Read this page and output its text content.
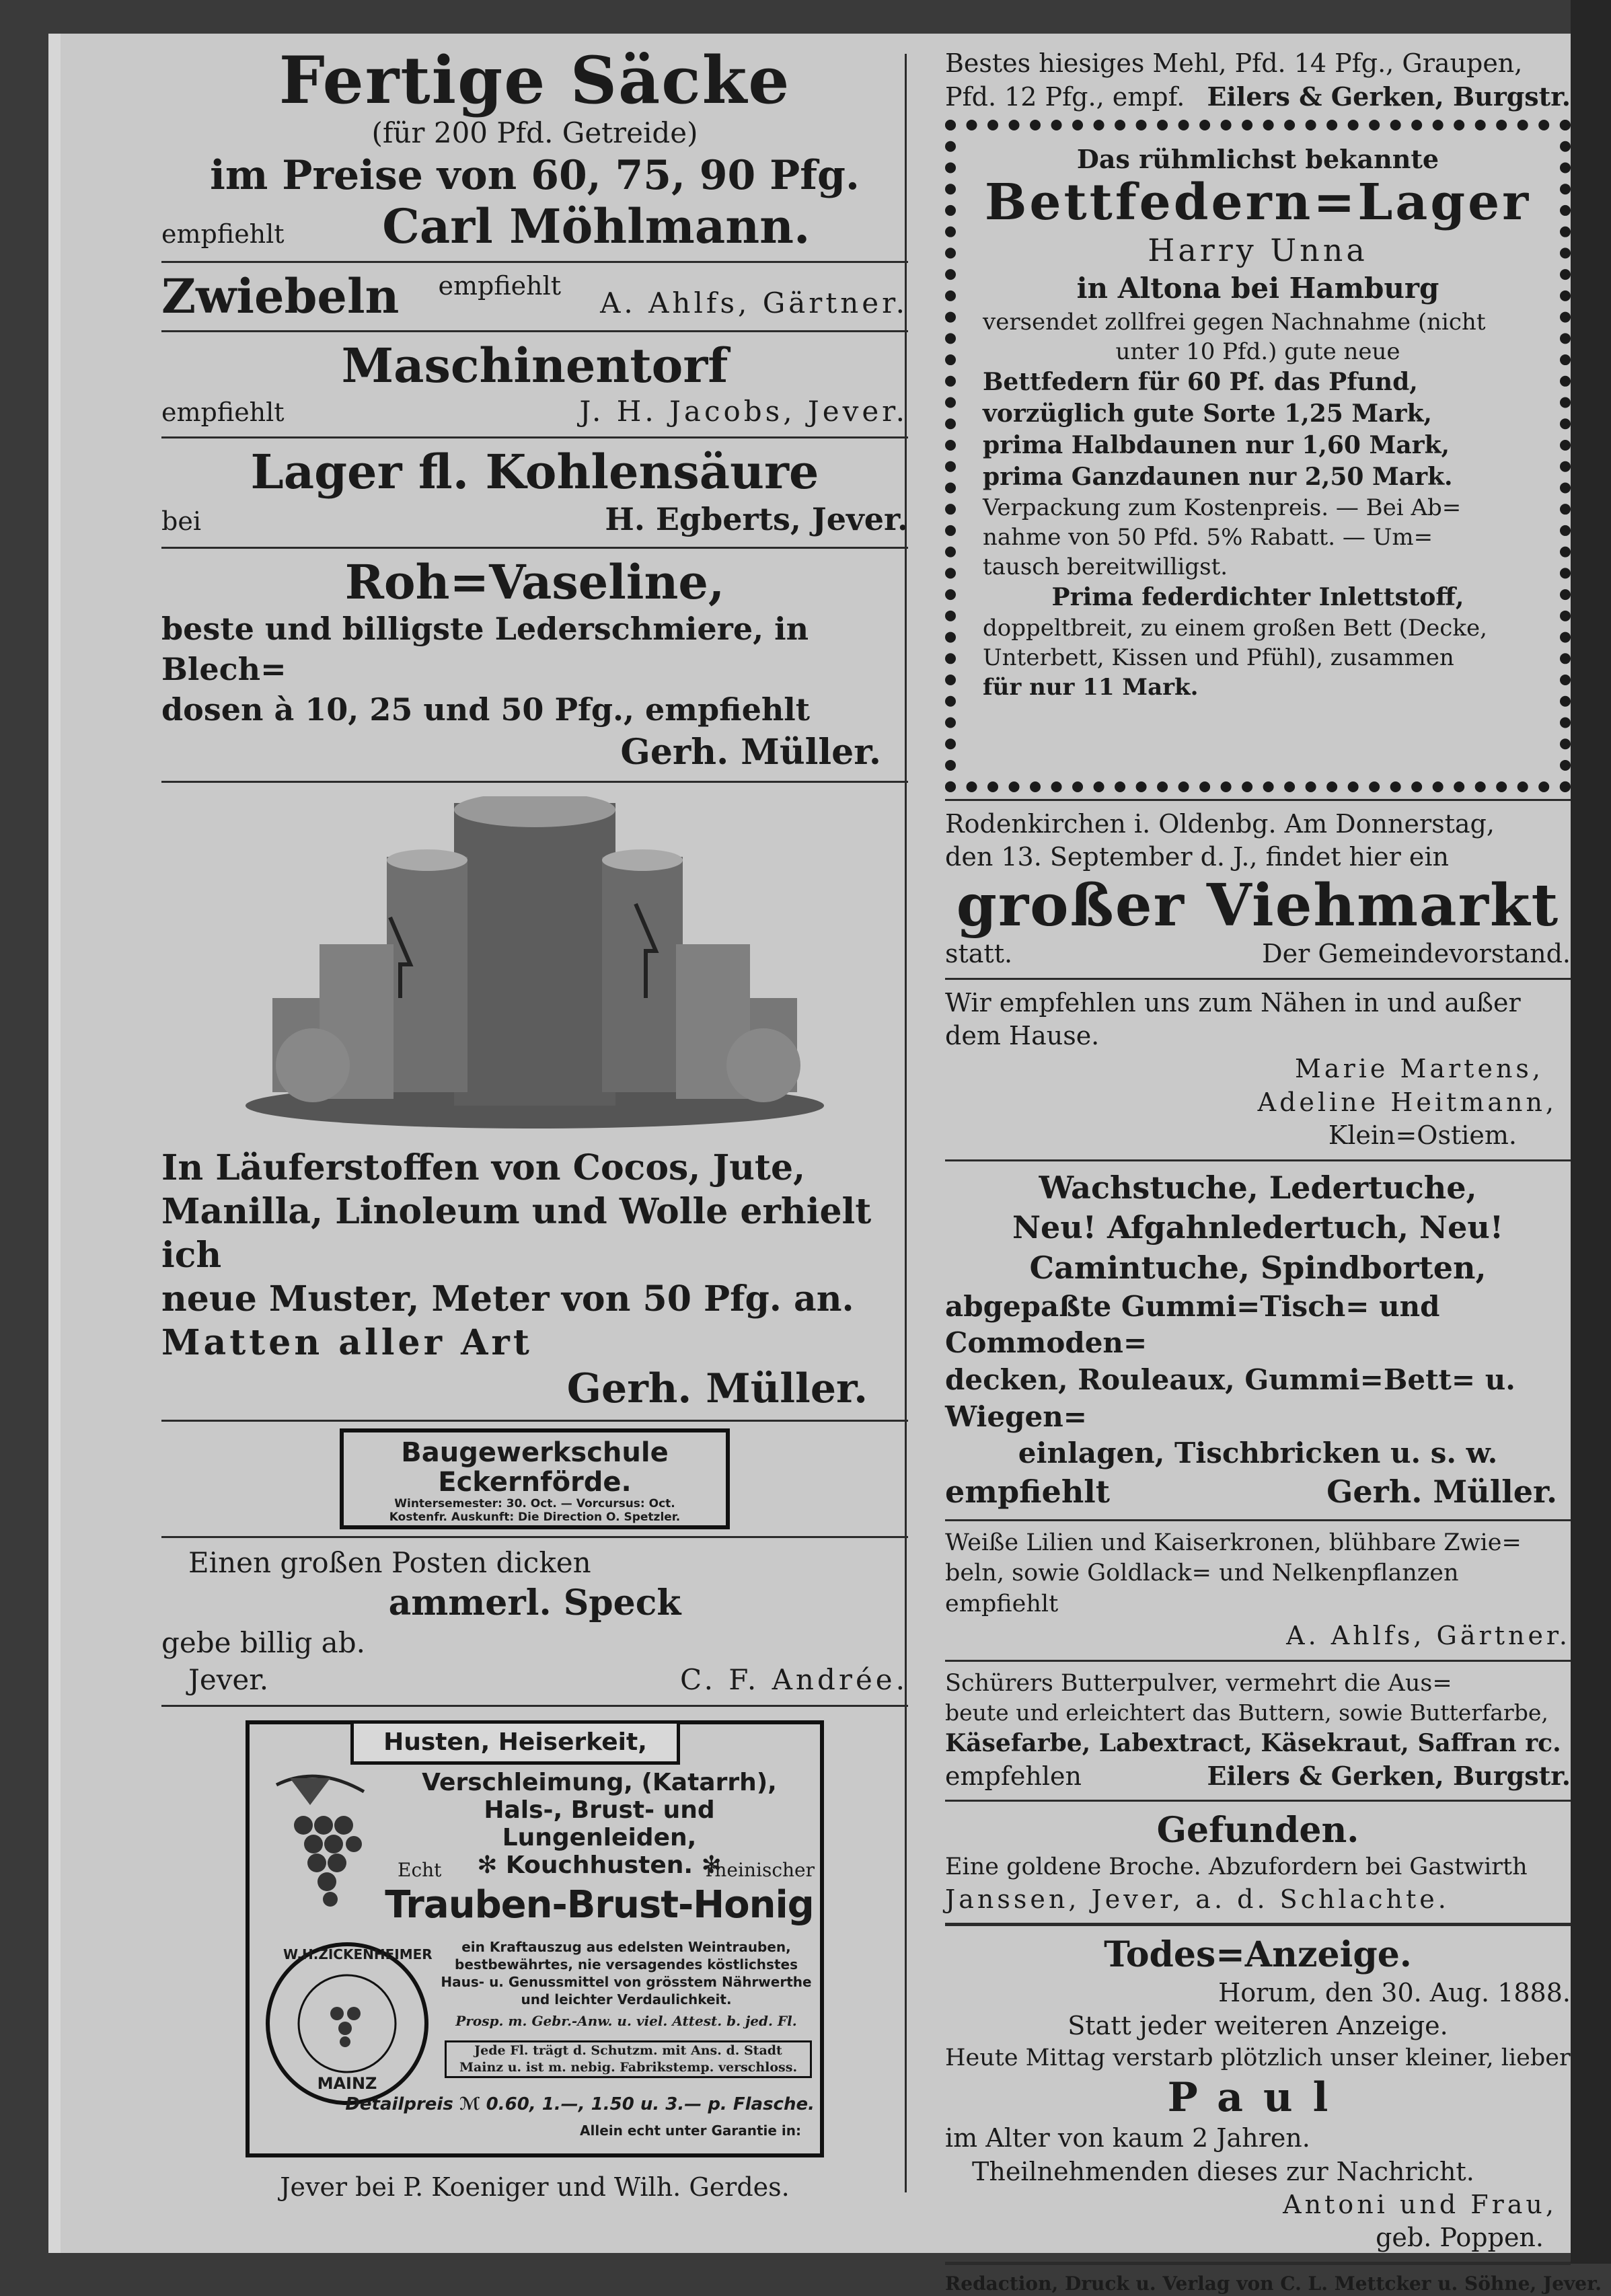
Fertige Säcke
(für 200 Pfd. Getreide)
im Preise von 60, 75, 90 Pfg.
empfiehlt	Carl Möhlmann.
Zwiebeln empfiehlt
A. Ahlfs, Gärtner.
Maschinentorf
empfiehlt	J. H. Jacobs, Jever.
Lager fl. Kohlensäure
bei	H. Egberts, Jever.
Roh=Vaseline,
beste und billigste Lederschmiere, in Blech=
dosen à 10, 25 und 50 Pfg., empfiehlt
Gerh. Müller.
In Läuferstoffen von Cocos, Jute,
Manilla, Linoleum und Wolle erhielt ich
neue Muster, Meter von 50 Pfg. an.
Matten aller Art
Gerh. Müller.
Baugewerkschule
Eckernförde.
Wintersemester: 30. Oct. — Vorcursus: Oct.
Kostenfr. Auskunft: Die Direction O. Spetzler.
Einen großen Posten dicken
ammerl. Speck
gebe billig ab.
Jever.	C. F. Andrée.
Husten, Heiserkeit,
Verschleimung, (Katarrh),
Hals-, Brust- und Lungenleiden,
✻ Kouchhusten. ✻
Echt	rheinischer
Trauben-Brust-Honig
W.H.ZICKENHEIMER
MAINZ
ein Kraftauszug aus edelsten Weintrauben,
bestbewährtes, nie versagendes köstlichstes
Haus- u. Genussmittel von grösstem Nährwerthe
und leichter Verdaulichkeit.
Prosp. m. Gebr.-Anw. u. viel. Attest. b. jed. Fl.
Jede Fl. trägt d. Schutzm. mit Ans. d. Stadt
Mainz u. ist m. nebig. Fabrikstemp. verschloss.
Detailpreis ℳ 0.60, 1.—, 1.50 u. 3.— p. Flasche.
Allein echt unter Garantie in:
Jever bei P. Koeniger und Wilh. Gerdes.
Bestes hiesiges Mehl, Pfd. 14 Pfg., Graupen,
Pfd. 12 Pfg., empf. Eilers & Gerken, Burgstr.
Das rühmlichst bekannte
Bettfedern=Lager
Harry Unna
in Altona bei Hamburg
versendet zollfrei gegen Nachnahme (nicht
unter 10 Pfd.) gute neue
Bettfedern für 60 Pf. das Pfund,
vorzüglich gute Sorte 1,25 Mark,
prima Halbdaunen nur 1,60 Mark,
prima Ganzdaunen nur 2,50 Mark.
Verpackung zum Kostenpreis. — Bei Ab=
nahme von 50 Pfd. 5% Rabatt. — Um=
tausch bereitwilligst.
Prima federdichter Inlettstoff,
doppeltbreit, zu einem großen Bett (Decke,
Unterbett, Kissen und Pfühl), zusammen
für nur 11 Mark.
Rodenkirchen i. Oldenbg. Am Donnerstag,
den 13. September d. J., findet hier ein
großer Viehmarkt
statt.	Der Gemeindevorstand.
Wir empfehlen uns zum Nähen in und außer
dem Hause.
Marie Martens,
Adeline Heitmann,
Klein=Ostiem.
Wachstuche, Ledertuche,
Neu! Afgahnledertuch, Neu!
Camintuche, Spindborten,
abgepaßte Gummi=Tisch= und Commoden=
decken, Rouleaux, Gummi=Bett= u. Wiegen=
einlagen, Tischbricken u. s. w.
empfiehlt	Gerh. Müller.
Weiße Lilien und Kaiserkronen, blühbare Zwie=
beln, sowie Goldlack= und Nelkenpflanzen empfiehlt
A. Ahlfs, Gärtner.
Schürers Butterpulver, vermehrt die Aus=
beute und erleichtert das Buttern, sowie Butterfarbe,
Käsefarbe, Labextract, Käsekraut, Saffran rc.
empfehlen	Eilers & Gerken, Burgstr.
Gefunden.
Eine goldene Broche. Abzufordern bei Gastwirth
Janssen, Jever, a. d. Schlachte.
Todes=Anzeige.
Horum, den 30. Aug. 1888.
Statt jeder weiteren Anzeige.
Heute Mittag verstarb plötzlich unser kleiner, lieber
Paul
im Alter von kaum 2 Jahren.
Theilnehmenden dieses zur Nachricht.
Antoni und Frau,
geb. Poppen.
Redaction, Druck u. Verlag von C. L. Mettcker u. Söhne, Jever.
